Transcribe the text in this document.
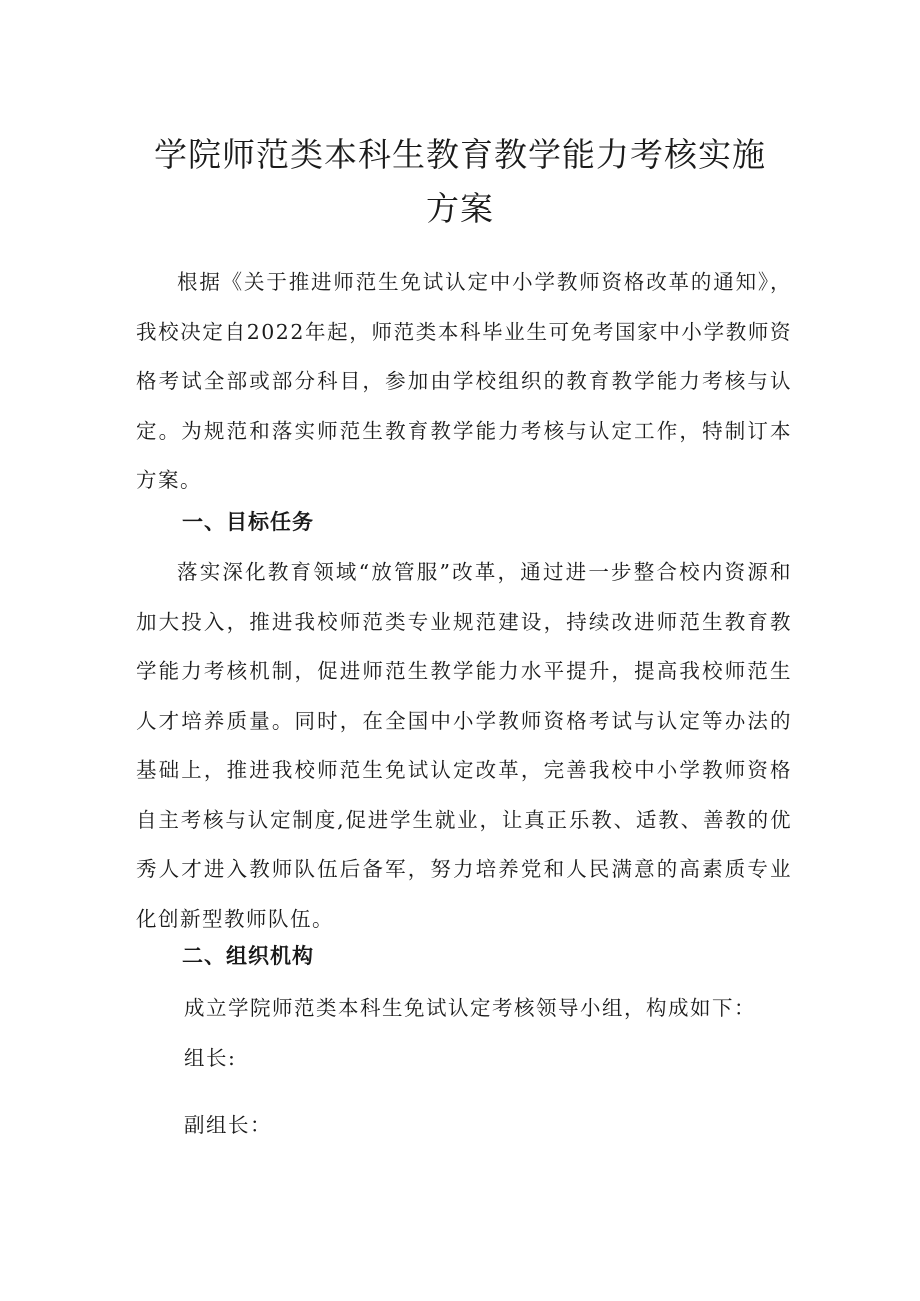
学院师范类本科生教育教学能力考核实施
方案

根据《关于推进师范生免试认定中小学教师资格改革的通知》，我校决定自2022年起，师范类本科毕业生可免考国家中小学教师资格考试全部或部分科目，参加由学校组织的教育教学能力考核与认定。为规范和落实师范生教育教学能力考核与认定工作，特制订本方案。

一、目标任务

落实深化教育领域“放管服”改革，通过进一步整合校内资源和加大投入，推进我校师范类专业规范建设，持续改进师范生教育教学能力考核机制，促进师范生教学能力水平提升，提高我校师范生人才培养质量。同时，在全国中小学教师资格考试与认定等办法的基础上，推进我校师范生免试认定改革，完善我校中小学教师资格自主考核与认定制度,促进学生就业，让真正乐教、适教、善教的优秀人才进入教师队伍后备军，努力培养党和人民满意的高素质专业化创新型教师队伍。

二、组织机构

成立学院师范类本科生免试认定考核领导小组，构成如下：

组长:

副组长：
